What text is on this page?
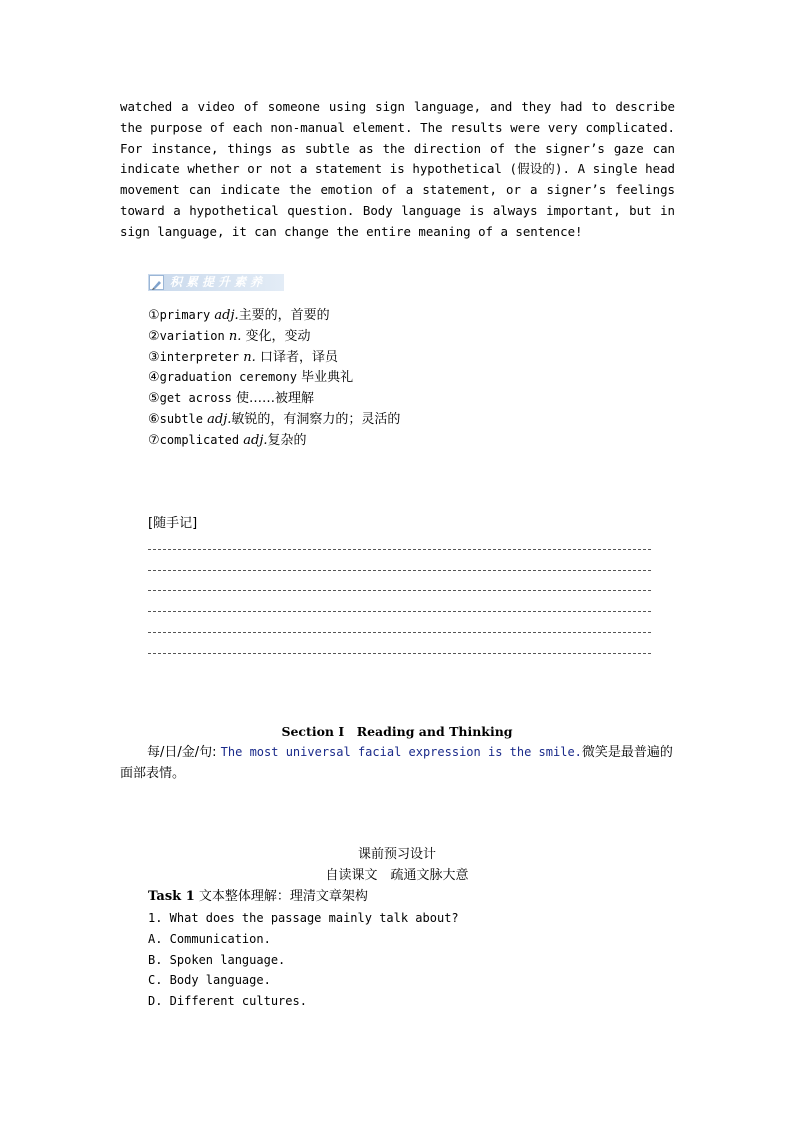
watched a video of someone using sign language, and they had to describe the purpose of each non-manual element. The results were very complicated. For instance, things as subtle as the direction of the signer’s gaze can indicate whether or not a statement is hypothetical (假设的). A single head movement can indicate the emotion of a statement, or a signer’s feelings toward a hypothetical question. Body language is always important, but in sign language, it can change the entire meaning of a sentence!
积累提升素养
①primary adj.主要的，首要的
②variation n. 变化，变动
③interpreter n. 口译者，译员
④graduation ceremony 毕业典礼
⑤get across 使……被理解
⑥subtle adj.敏锐的，有洞察力的；灵活的
⑦complicated adj.复杂的
[随手记]
Section Ⅰ　Reading and Thinking
每/日/金/句: The most universal facial expression is the smile.微笑是最普遍的面部表情。
课前预习设计
自读课文　疏通文脉大意
Task 1 文本整体理解：理清文章架构
1. What does the passage mainly talk about?
A. Communication.
B. Spoken language.
C. Body language.
D. Different cultures.
